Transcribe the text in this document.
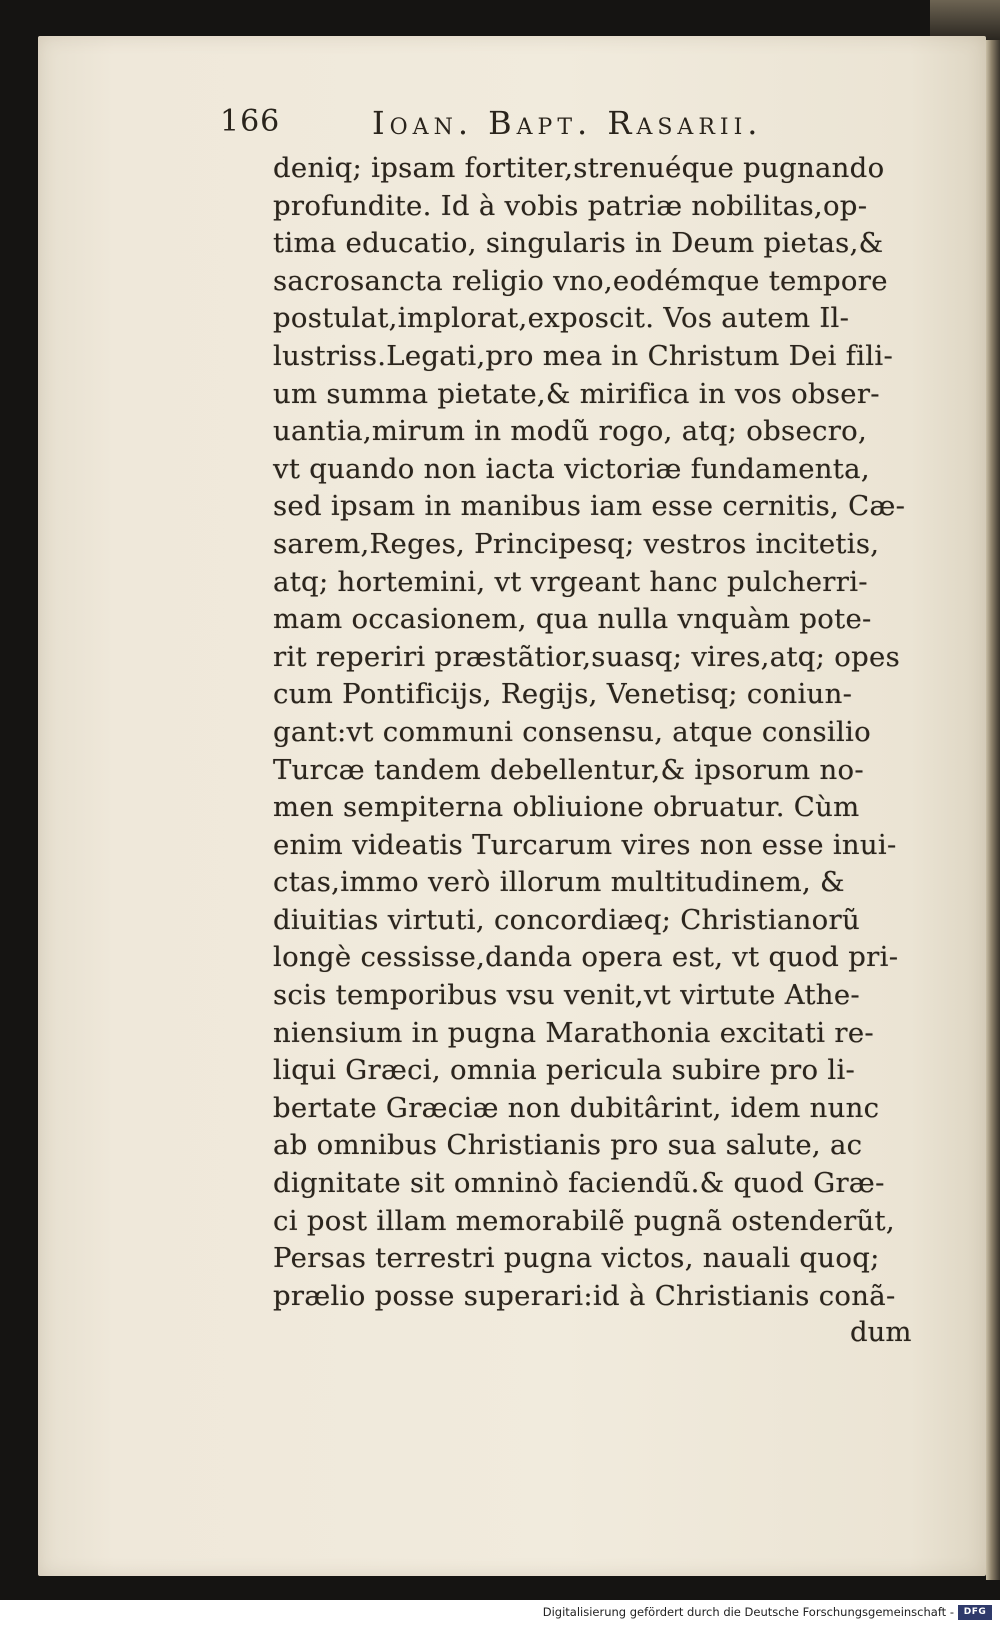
166	Ioan. Bapt. Rasarii.
deniq; ipsam fortiter,strenuéque pugnando
profundite. Id à vobis patriæ nobilitas,op-
tima educatio, singularis in Deum pietas,&
sacrosancta religio vno,eodémque tempore
postulat,implorat,exposcit. Vos autem Il-
lustriss.Legati,pro mea in Christum Dei fili-
um summa pietate,& mirifica in vos obser-
uantia,mirum in modũ rogo, atq; obsecro,
vt quando non iacta victoriæ fundamenta,
sed ipsam in manibus iam esse cernitis, Cæ-
sarem,Reges, Principesq; vestros incitetis,
atq; hortemini, vt vrgeant hanc pulcherri-
mam occasionem, qua nulla vnquàm pote-
rit reperiri præstãtior,suasq; vires,atq; opes
cum Pontificijs, Regijs, Venetisq; coniun-
gant:vt communi consensu, atque consilio
Turcæ tandem debellentur,& ipsorum no-
men sempiterna obliuione obruatur. Cùm
enim videatis Turcarum vires non esse inui-
ctas,immo verò illorum multitudinem, &
diuitias virtuti, concordiæq; Christianorũ
longè cessisse,danda opera est, vt quod pri-
scis temporibus vsu venit,vt virtute Athe-
niensium in pugna Marathonia excitati re-
liqui Græci, omnia pericula subire pro li-
bertate Græciæ non dubitârint, idem nunc
ab omnibus Christianis pro sua salute, ac
dignitate sit omninò faciendũ.& quod Græ-
ci post illam memorabilẽ pugnã ostenderũt,
Persas terrestri pugna victos, nauali quoq;
prælio posse superari:id à Christianis conã-
dum
Digitalisierung gefördert durch die Deutsche Forschungsgemeinschaft -	DFG
